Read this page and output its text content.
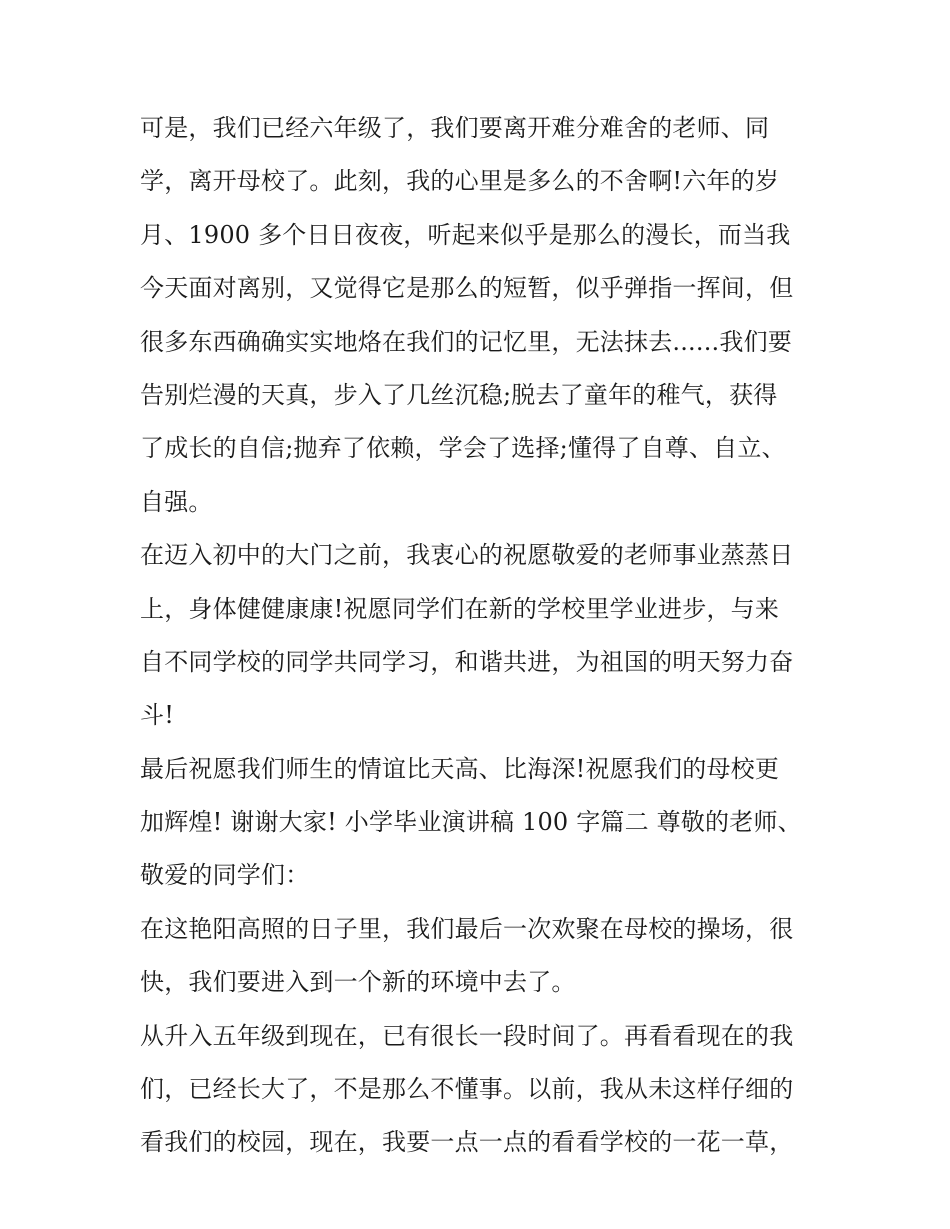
可是，我们已经六年级了，我们要离开难分难舍的老师、同
学，离开母校了。此刻，我的心里是多么的不舍啊!六年的岁
月、1900 多个日日夜夜，听起来似乎是那么的漫长，而当我
今天面对离别，又觉得它是那么的短暂，似乎弹指一挥间，但
很多东西确确实实地烙在我们的记忆里，无法抹去......我们要
告别烂漫的天真，步入了几丝沉稳;脱去了童年的稚气，获得
了成长的自信;抛弃了依赖，学会了选择;懂得了自尊、自立、
自强。
在迈入初中的大门之前，我衷心的祝愿敬爱的老师事业蒸蒸日
上，身体健健康康!祝愿同学们在新的学校里学业进步，与来
自不同学校的同学共同学习，和谐共进，为祖国的明天努力奋
斗!
最后祝愿我们师生的情谊比天高、比海深!祝愿我们的母校更
加辉煌! 谢谢大家! 小学毕业演讲稿 100 字篇二 尊敬的老师、
敬爱的同学们：
在这艳阳高照的日子里，我们最后一次欢聚在母校的操场，很
快，我们要进入到一个新的环境中去了。
从升入五年级到现在，已有很长一段时间了。再看看现在的我
们，已经长大了，不是那么不懂事。以前，我从未这样仔细的
看我们的校园，现在，我要一点一点的看看学校的一花一草，
